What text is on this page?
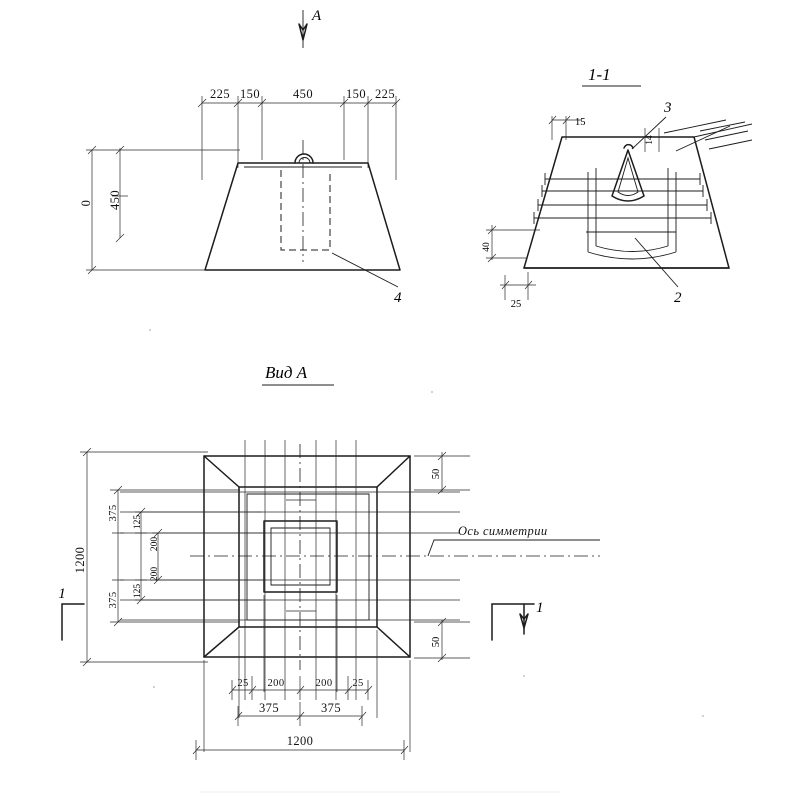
225 150	450	150 225
450
0
4
1-1
15
40
25
14
3
2
Вид А
50
50
Ось симметрии
1200
375
375
125
125
200
200
25 200	200 25
375	375
1200
1
1
А
